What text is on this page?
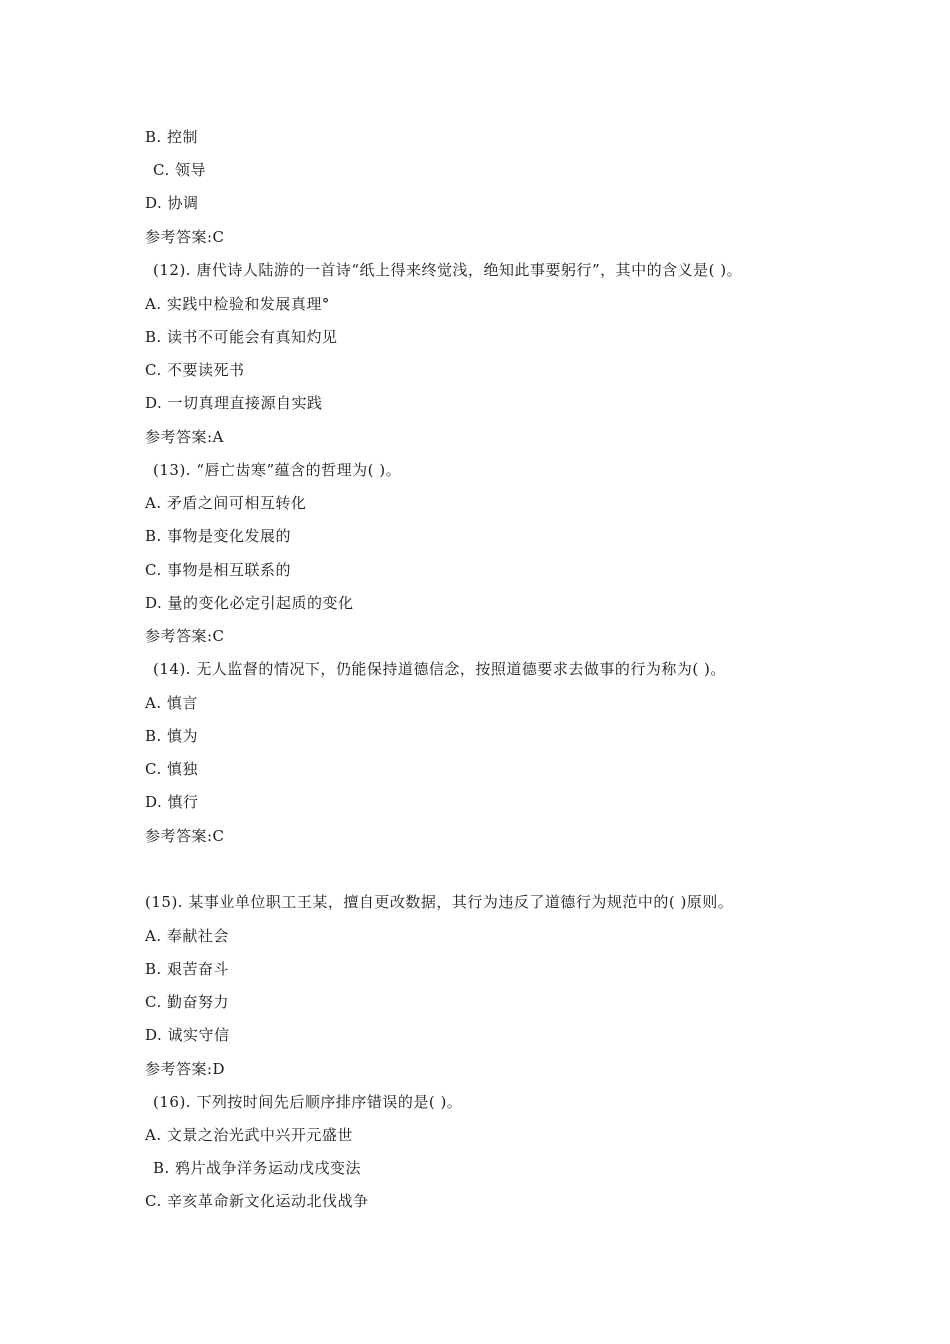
B. 控制
C. 领导
D. 协调
参考答案:C
(12). 唐代诗人陆游的一首诗“纸上得来终觉浅，绝知此事要躬行”，其中的含义是( )。
A. 实践中检验和发展真理°
B. 读书不可能会有真知灼见
C. 不要读死书
D. 一切真理直接源自实践
参考答案:A
(13). “唇亡齿寒”蕴含的哲理为( )。
A. 矛盾之间可相互转化
B. 事物是变化发展的
C. 事物是相互联系的
D. 量的变化必定引起质的变化
参考答案:C
(14). 无人监督的情况下，仍能保持道德信念，按照道德要求去做事的行为称为( )。
A. 慎言
B. 慎为
C. 慎独
D. 慎行
参考答案:C
(15). 某事业单位职工王某，擅自更改数据，其行为违反了道德行为规范中的( )原则。
A. 奉献社会
B. 艰苦奋斗
C. 勤奋努力
D. 诚实守信
参考答案:D
(16). 下列按时间先后顺序排序错误的是( )。
A. 文景之治光武中兴开元盛世
B. 鸦片战争洋务运动戊戌变法
C. 辛亥革命新文化运动北伐战争
